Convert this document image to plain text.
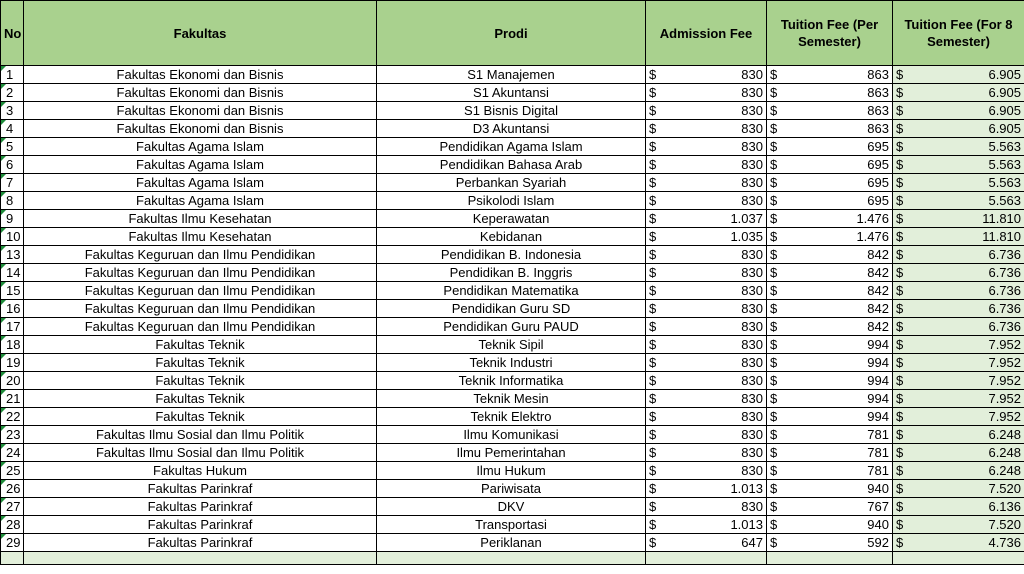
No	Fakultas	Prodi	Admission Fee		Tuition Fee (Per Semester)		Tuition Fee (For 8 Semester)	
1	Fakultas Ekonomi dan Bisnis	S1 Manajemen	$	830	$	863	$	6.905
2	Fakultas Ekonomi dan Bisnis	S1 Akuntansi	$	830	$	863	$	6.905
3	Fakultas Ekonomi dan Bisnis	S1 Bisnis Digital	$	830	$	863	$	6.905
4	Fakultas Ekonomi dan Bisnis	D3 Akuntansi	$	830	$	863	$	6.905
5	Fakultas Agama Islam	Pendidikan Agama Islam	$	830	$	695	$	5.563
6	Fakultas Agama Islam	Pendidikan Bahasa Arab	$	830	$	695	$	5.563
7	Fakultas Agama Islam	Perbankan Syariah	$	830	$	695	$	5.563
8	Fakultas Agama Islam	Psikolodi Islam	$	830	$	695	$	5.563
9	Fakultas Ilmu Kesehatan	Keperawatan	$	1.037	$	1.476	$	11.810
10	Fakultas Ilmu Kesehatan	Kebidanan	$	1.035	$	1.476	$	11.810
13	Fakultas Keguruan dan Ilmu Pendidikan	Pendidikan B. Indonesia	$	830	$	842	$	6.736
14	Fakultas Keguruan dan Ilmu Pendidikan	Pendidikan B. Inggris	$	830	$	842	$	6.736
15	Fakultas Keguruan dan Ilmu Pendidikan	Pendidikan Matematika	$	830	$	842	$	6.736
16	Fakultas Keguruan dan Ilmu Pendidikan	Pendidikan Guru SD	$	830	$	842	$	6.736
17	Fakultas Keguruan dan Ilmu Pendidikan	Pendidikan Guru PAUD	$	830	$	842	$	6.736
18	Fakultas Teknik	Teknik Sipil	$	830	$	994	$	7.952
19	Fakultas Teknik	Teknik Industri	$	830	$	994	$	7.952
20	Fakultas Teknik	Teknik Informatika	$	830	$	994	$	7.952
21	Fakultas Teknik	Teknik Mesin	$	830	$	994	$	7.952
22	Fakultas Teknik	Teknik Elektro	$	830	$	994	$	7.952
23	Fakultas Ilmu Sosial dan Ilmu Politik	Ilmu Komunikasi	$	830	$	781	$	6.248
24	Fakultas Ilmu Sosial dan Ilmu Politik	Ilmu Pemerintahan	$	830	$	781	$	6.248
25	Fakultas Hukum	Ilmu Hukum	$	830	$	781	$	6.248
26	Fakultas Parinkraf	Pariwisata	$	1.013	$	940	$	7.520
27	Fakultas Parinkraf	DKV	$	830	$	767	$	6.136
28	Fakultas Parinkraf	Transportasi	$	1.013	$	940	$	7.520
29	Fakultas Parinkraf	Periklanan	$	647	$	592	$	4.736
